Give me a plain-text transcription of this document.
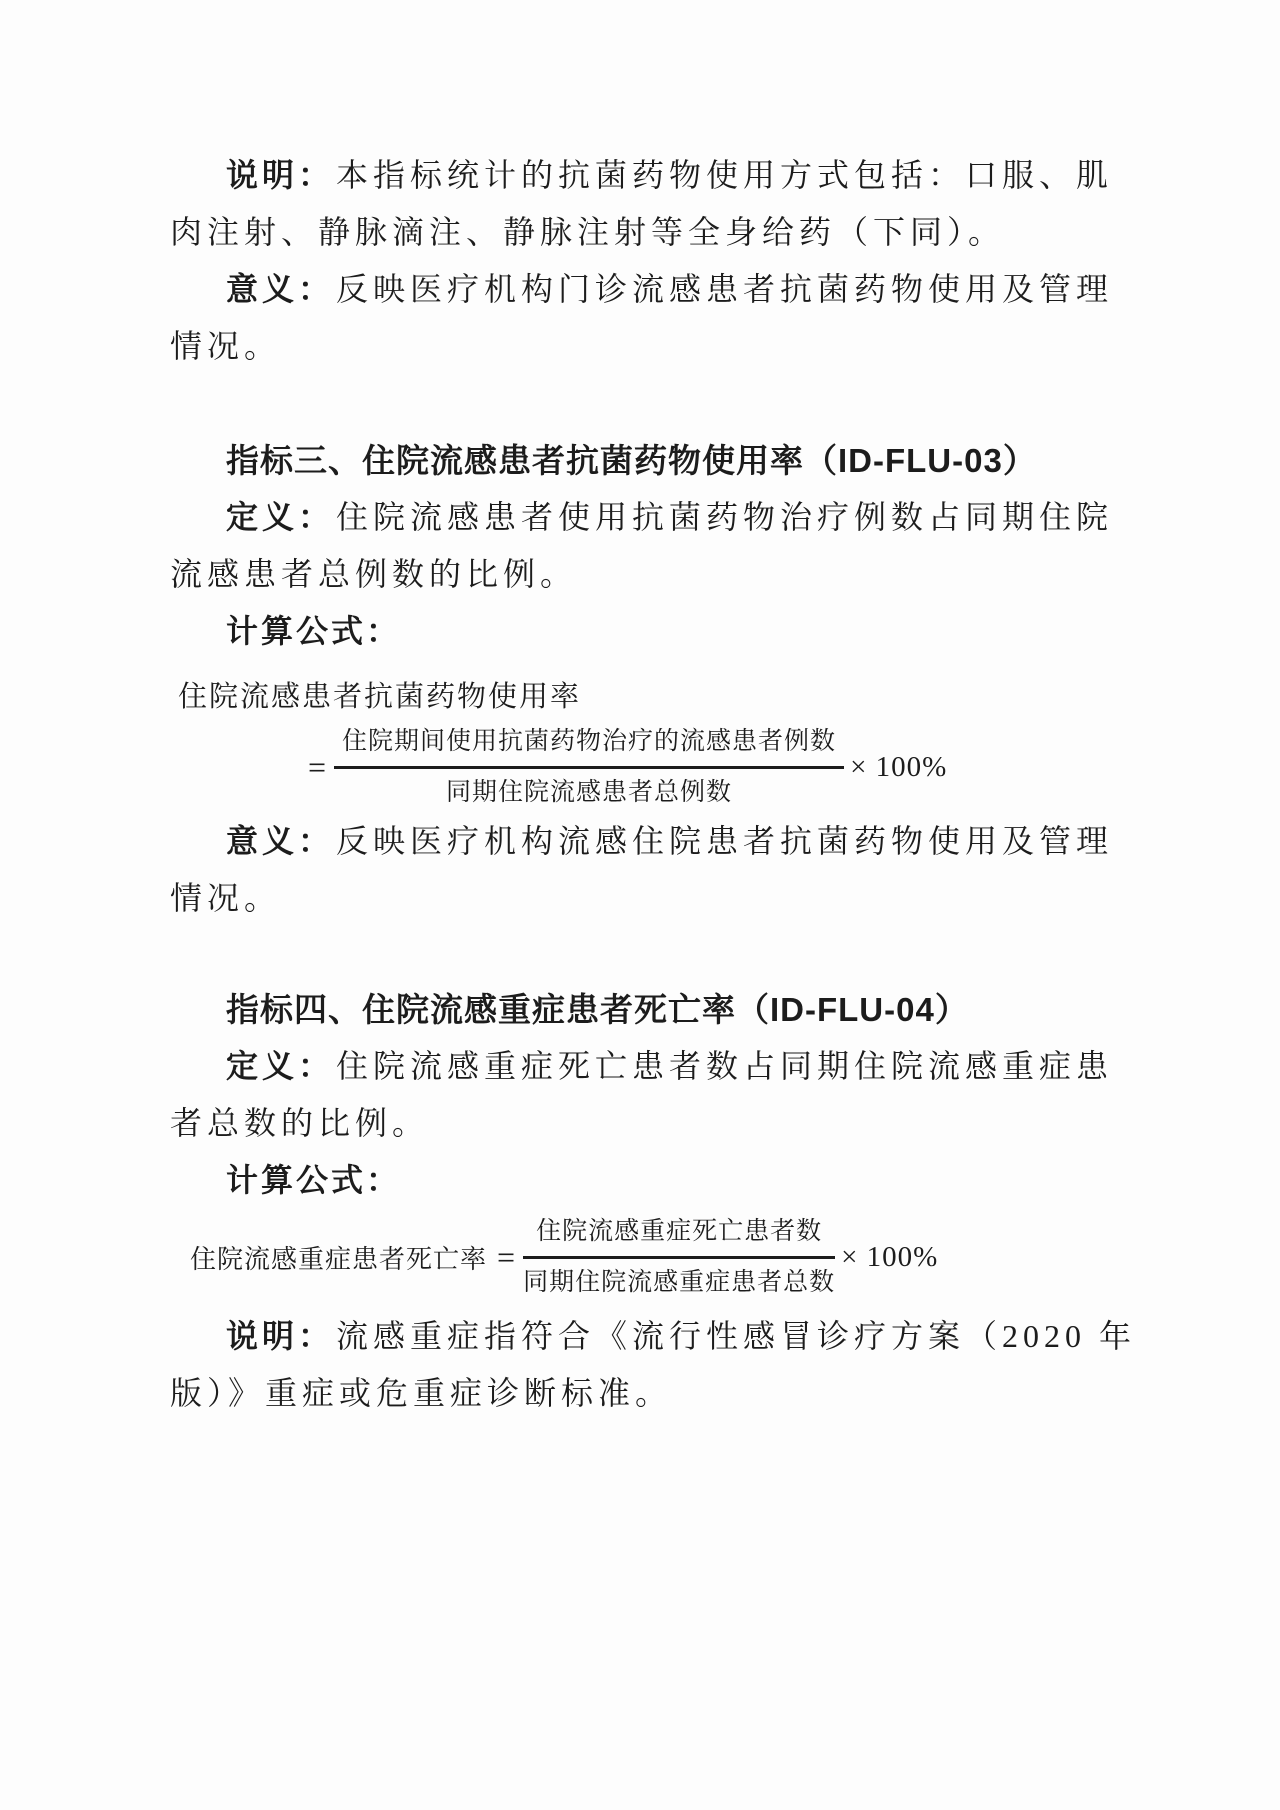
说明：本指标统计的抗菌药物使用方式包括：口服、肌
肉注射、静脉滴注、静脉注射等全身给药（下同）。
意义：反映医疗机构门诊流感患者抗菌药物使用及管理
情况。
指标三、住院流感患者抗菌药物使用率（ID-FLU-03）
定义：住院流感患者使用抗菌药物治疗例数占同期住院
流感患者总例数的比例。
计算公式：
住院流感患者抗菌药物使用率
= $\frac{\text{住院期间使用抗菌药物治疗的流感患者例数}}{\text{同期住院流感患者总例数}} \times 100\%$
意义：反映医疗机构流感住院患者抗菌药物使用及管理
情况。
指标四、住院流感重症患者死亡率（ID-FLU-04）
定义：住院流感重症死亡患者数占同期住院流感重症患
者总数的比例。
计算公式：
住院流感重症患者死亡率 = $\frac{\text{住院流感重症死亡患者数}}{\text{同期住院流感重症患者总数}} \times 100\%$
说明：流感重症指符合《流行性感冒诊疗方案（2020 年
版）》重症或危重症诊断标准。
